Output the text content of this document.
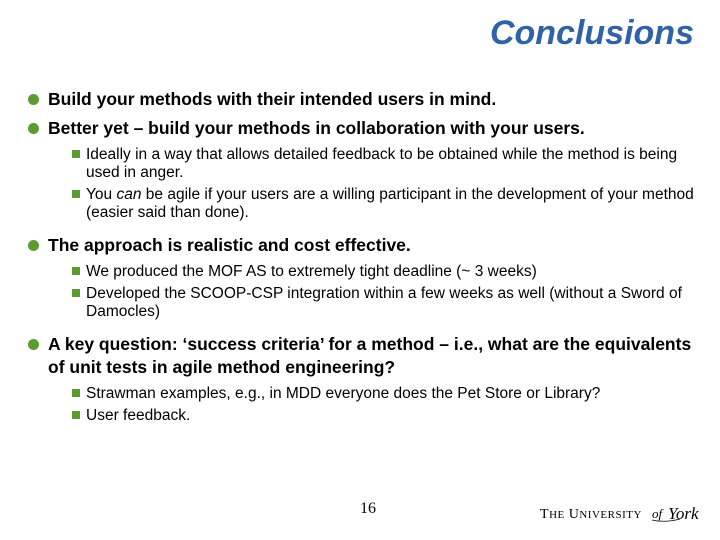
Conclusions
Build your methods with their intended users in mind.
Better yet – build your methods in collaboration with your users.
Ideally in a way that allows detailed feedback to be obtained while the method is being used in anger.
You can be agile if your users are a willing participant in the development of your method (easier said than done).
The approach is realistic and cost effective.
We produced the MOF AS to extremely tight deadline (~ 3 weeks)
Developed the SCOOP-CSP integration within a few weeks as well (without a Sword of Damocles)
A key question: ‘success criteria’ for a method – i.e., what are the equivalents of unit tests in agile method engineering?
Strawman examples, e.g., in MDD everyone does the Pet Store or Library?
User feedback.
16	THE UNIVERSITY of York
